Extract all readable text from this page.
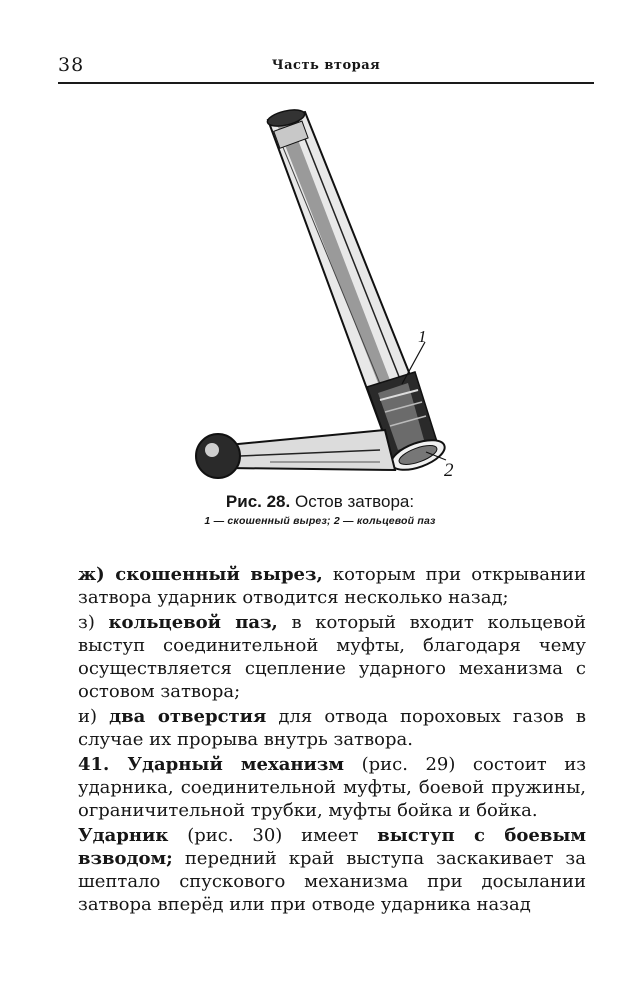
38	Часть вторая
1
2
Рис. 28. Остов затвора:
1 — скошенный вырез; 2 — кольцевой паз

ж) скошенный вырез, которым при открывании затвора ударник отводится несколько назад;

з) кольцевой паз, в который входит кольцевой выступ соединительной муфты, благодаря чему осуществляется сцепление ударного механизма с остовом затвора;

и) два отверстия для отвода пороховых газов в случае их прорыва внутрь затвора.

41. Ударный механизм (рис. 29) состоит из ударника, соединительной муфты, боевой пружины, ограничительной трубки, муфты бойка и бойка.

Ударник (рис. 30) имеет выступ с боевым взводом; передний край выступа заскакивает за шептало спускового механизма при досылании затвора вперёд или при отводе ударника назад
